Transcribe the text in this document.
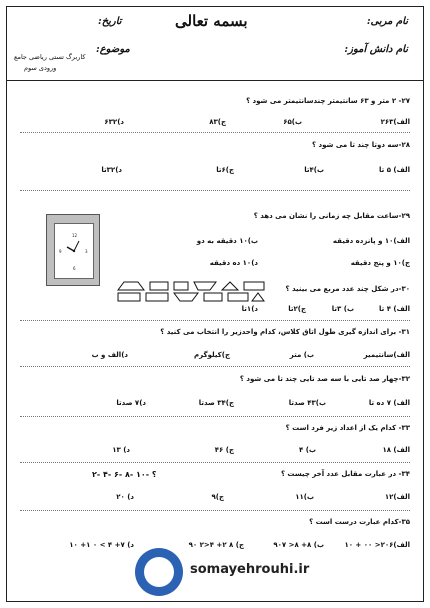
بسمه تعالی	نام مربی:
تاریخ:
نام دانش آموز:
موضوع:
کاربرگ تستی ریاضی جامع
ورودی سوم
۲۷- ۲ متر و ۶۳ سانتیمتر چندسانتیمتر می شود ؟
الف)۲۶۳
ب)۶۵
ج)۸۳
د)۶۳۲
۲۸-سه دوتا چند تا می شود ؟
الف) ۵ تا
ب)۴تا
ج)۶تا
د)۳۲تا
۲۹-ساعت مقابل چه زمانی را نشان می دهد ؟
الف)۱۰ و پانزده دقیقه
ب)۱۰ دقیقه به دو
ج)۱۰ و پنج دقیقه
د)۱۰ ده دقیقه
12
3
6
9
۳۰-در شکل چند عدد مربع می بینید ؟
الف) ۴ تا
ب) ۳تا
ج)۲تا
د)۱تا
۳۱- برای اندازه گیری طول اتاق کلاس، کدام واحدزیر را انتخاب می کنید ؟
الف)سانتیمیر
ب) متر
ج)کیلوگرم
د)الف و ب
۳۲-چهار صد تایی با سه صد تایی چند تا می شود ؟
الف) ۷ ده تا
ب)۴۳ صدتا
ج)۳۴ صدتا
د)۷ صدتا
۳۳- کدام یک از اعداد زیر فرد است ؟
الف) ۱۸
ب) ۴
ج) ۴۶
د) ۱۳
۳۴- در عبارت مقابل عدد آخر چیست ؟
؟ -۱۰ -۸ -۶ -۴ -۲
الف)۱۲
ب)۱۱
ج)۹
د) ۲۰
۳۵-کدام عبارت درست است ؟
الف)۲۰۶< ۰۰ + ۱۰
ب) ۸+ ۸< ۹۰۷
ج) ۸ ۲+ ۴<۲ ۹۰
د) ۷+ ۴ > ۰ ۱+ ۱۰
somayehrouhi.ir
